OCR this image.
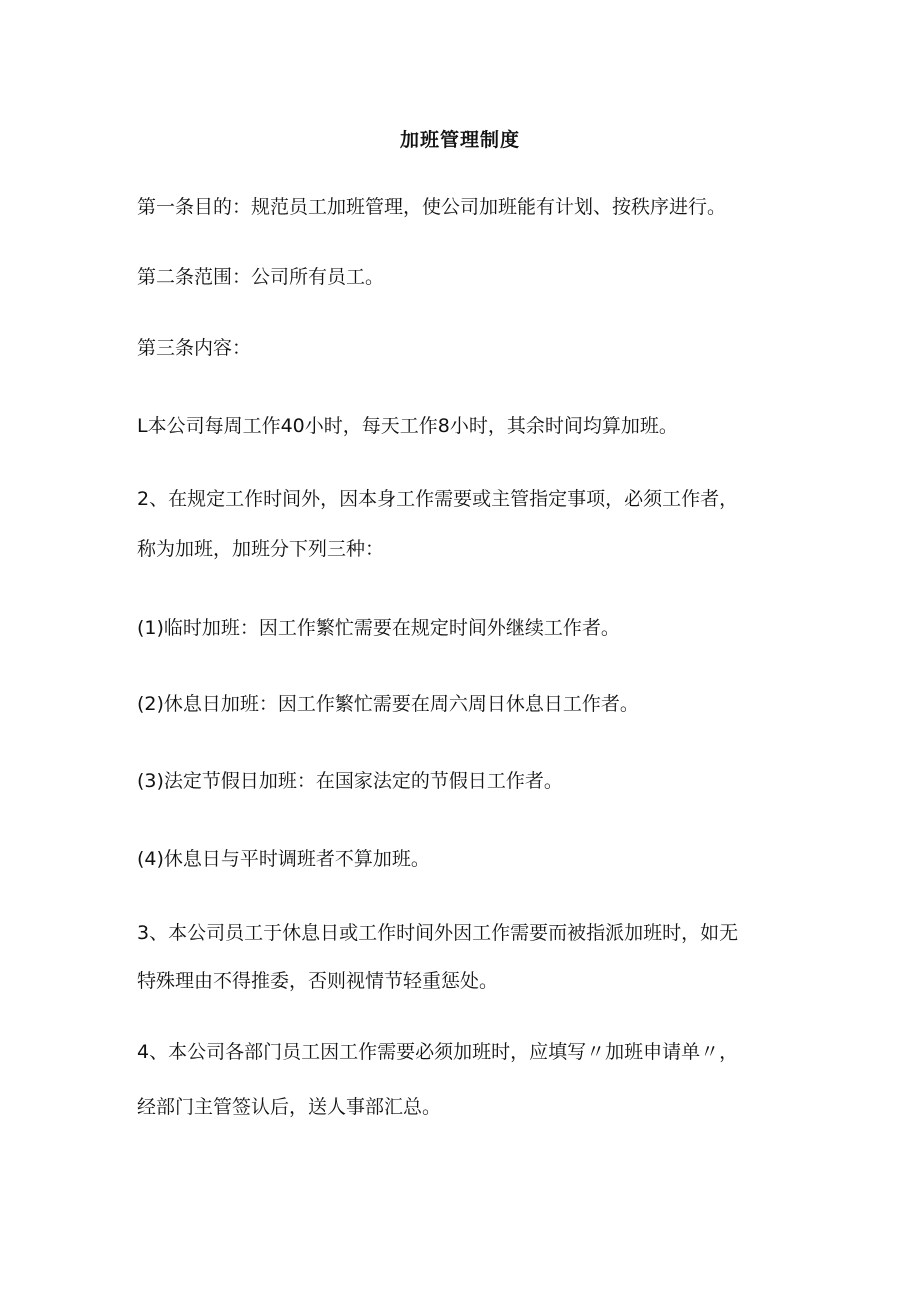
加班管理制度
第一条目的：规范员工加班管理，使公司加班能有计划、按秩序进行。
第二条范围：公司所有员工。
第三条内容：
L本公司每周工作40小时，每天工作8小时，其余时间均算加班。
2、在规定工作时间外，因本身工作需要或主管指定事项，必须工作者，
称为加班，加班分下列三种：
(1)临时加班：因工作繁忙需要在规定时间外继续工作者。
(2)休息日加班：因工作繁忙需要在周六周日休息日工作者。
(3)法定节假日加班：在国家法定的节假日工作者。
(4)休息日与平时调班者不算加班。
3、本公司员工于休息日或工作时间外因工作需要而被指派加班时，如无
特殊理由不得推委，否则视情节轻重惩处。
4、本公司各部门员工因工作需要必须加班时，应填写〃加班申请单〃，
经部门主管签认后，送人事部汇总。
